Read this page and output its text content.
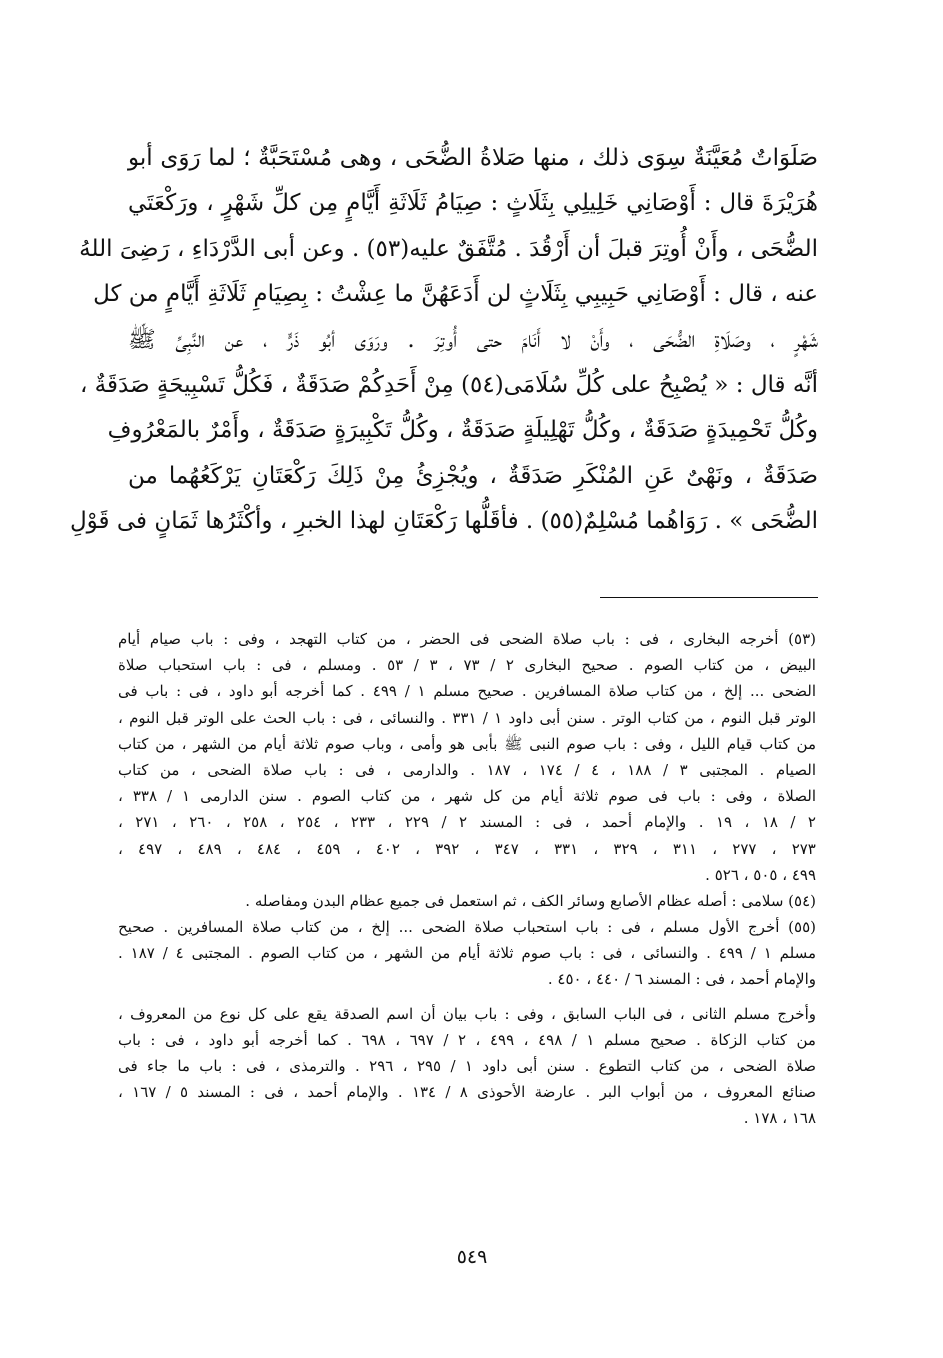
صَلَوَاتٌ مُعَيَّنَةٌ سِوَى ذلك ، منها صَلاةُ الضُّحَى ، وهى مُسْتَحَبَّةٌ ؛ لما رَوَى أبو
هُرَيْرَةَ قال : أَوْصَانِي خَلِيلِي بِثَلَاثٍ : صِيَامُ ثَلَاثَةِ أَيَّامٍ مِن كلِّ شَهْرٍ ، ورَكْعَتَي
الضُّحَى ، وأَنْ أُوتِرَ قبلَ أن أَرْقُدَ . مُتَّفَقٌ عليه(٥٣) . وعن أبى الدَّرْدَاءِ ، رَضِىَ اللهُ
عنه ، قال : أَوْصَانِي حَبِيبِي بِثَلَاثٍ لن أَدَعَهُنَّ ما عِشْتُ : بِصِيَامِ ثَلَاثَةِ أَيَّامٍ من كل
شَهْرٍ ، وصَلَاةِ الضُّحَى ، وأَنْ لا أَنَامَ حتى أُوتِرَ . ورَوَى أبُو ذَرٍّ ، عن النَّبِىِّ ﷺ
أنَّه قال : « يُصْبِحُ على كُلِّ سُلَامَى(٥٤) مِنْ أَحَدِكُمْ صَدَقَةٌ ، فَكُلُّ تَسْبِيحَةٍ صَدَقَةٌ ،
وكُلُّ تَحْمِيدَةٍ صَدَقَةٌ ، وكُلُّ تَهْلِيلَةٍ صَدَقَةٌ ، وكُلُّ تَكْبِيرَةٍ صَدَقَةٌ ، وأَمْرٌ بالمَعْرُوفِ
صَدَقَةٌ ، ونَهْىٌ عَنِ المُنْكَرِ صَدَقَةٌ ، ويُجْزِئُ مِنْ ذَلِكَ رَكْعَتَانِ يَرْكَعُهُما من
الضُّحَى » . رَوَاهُما مُسْلِمٌ(٥٥) . فأقَلُّها رَكْعَتَانِ لهذا الخبرِ ، وأكْثَرُها ثَمَانٍ فى قَوْلِ
(٥٣) أخرجه البخارى ، فى : باب صلاة الضحى فى الحضر ، من كتاب التهجد ، وفى : باب صيام أيام
البيض ، من كتاب الصوم . صحيح البخارى ٢ / ٧٣ ، ٣ / ٥٣ . ومسلم ، فى : باب استحباب صلاة
الضحى ... إلخ ، من كتاب صلاة المسافرين . صحيح مسلم ١ / ٤٩٩ . كما أخرجه أبو داود ، فى : باب فى
الوتر قبل النوم ، من كتاب الوتر . سنن أبى داود ١ / ٣٣١ . والنسائى ، فى : باب الحث على الوتر قبل النوم ،
من كتاب قيام الليل ، وفى : باب صوم النبى ﷺ بأبى هو وأمى ، وباب صوم ثلاثة أيام من الشهر ، من كتاب
الصيام . المجتبى ٣ / ١٨٨ ، ٤ / ١٧٤ ، ١٨٧ . والدارمى ، فى : باب صلاة الضحى ، من كتاب
الصلاة ، وفى : باب فى صوم ثلاثة أيام من كل شهر ، من كتاب الصوم . سنن الدارمى ١ / ٣٣٨ ،
٢ / ١٨ ، ١٩ . والإمام أحمد ، فى : المسند ٢ / ٢٢٩ ، ٢٣٣ ، ٢٥٤ ، ٢٥٨ ، ٢٦٠ ، ٢٧١ ،
٢٧٣ ، ٢٧٧ ، ٣١١ ، ٣٢٩ ، ٣٣١ ، ٣٤٧ ، ٣٩٢ ، ٤٠٢ ، ٤٥٩ ، ٤٨٤ ، ٤٨٩ ، ٤٩٧ ،
٤٩٩ ، ٥٠٥ ، ٥٢٦ .
(٥٤) سلامى : أصله عظام الأصابع وسائر الكف ، ثم استعمل فى جميع عظام البدن ومفاصله .
(٥٥) أخرج الأول مسلم ، فى : باب استحباب صلاة الضحى ... إلخ ، من كتاب صلاة المسافرين . صحيح
مسلم ١ / ٤٩٩ . والنسائى ، فى : باب صوم ثلاثة أيام من الشهر ، من كتاب الصوم . المجتبى ٤ / ١٨٧ .
والإمام أحمد ، فى : المسند ٦ / ٤٤٠ ، ٤٥٠ .
وأخرج مسلم الثانى ، فى الباب السابق ، وفى : باب بيان أن اسم الصدقة يقع على كل نوع من المعروف ،
من كتاب الزكاة . صحيح مسلم ١ / ٤٩٨ ، ٤٩٩ ، ٢ / ٦٩٧ ، ٦٩٨ . كما أخرجه أبو داود ، فى : باب
صلاة الضحى ، من كتاب التطوع . سنن أبى داود ١ / ٢٩٥ ، ٢٩٦ . والترمذى ، فى : باب ما جاء فى
صنائع المعروف ، من أبواب البر . عارضة الأحوذى ٨ / ١٣٤ . والإمام أحمد ، فى : المسند ٥ / ١٦٧ ،
١٦٨ ، ١٧٨ .
٥٤٩
